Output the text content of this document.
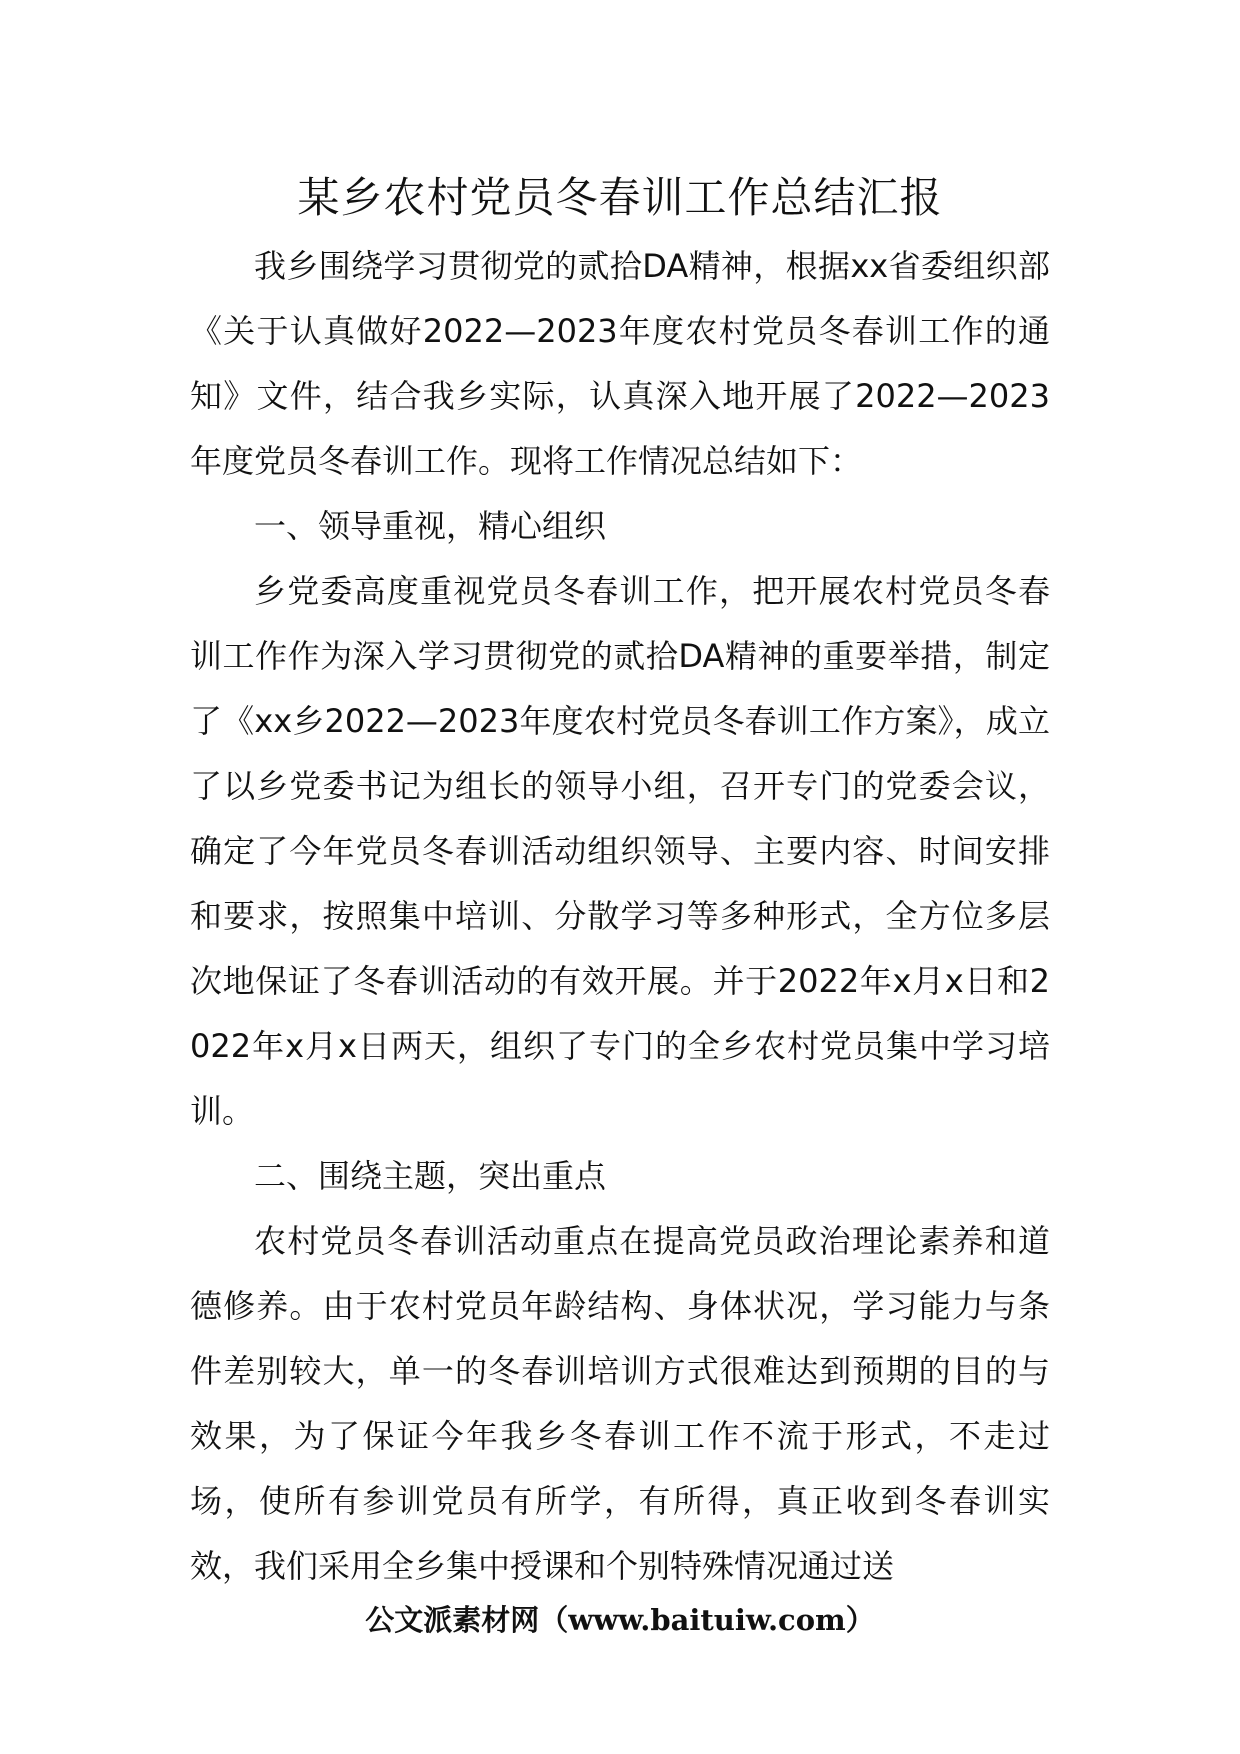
某乡农村党员冬春训工作总结汇报

我乡围绕学习贯彻党的贰拾DA精神，根据xx省委组织部《关于认真做好2022—2023年度农村党员冬春训工作的通知》文件，结合我乡实际，认真深入地开展了2022—2023年度党员冬春训工作。现将工作情况总结如下：

一、领导重视，精心组织

乡党委高度重视党员冬春训工作，把开展农村党员冬春训工作作为深入学习贯彻党的贰拾DA精神的重要举措，制定了《xx乡2022—2023年度农村党员冬春训工作方案》，成立了以乡党委书记为组长的领导小组，召开专门的党委会议，确定了今年党员冬春训活动组织领导、主要内容、时间安排和要求，按照集中培训、分散学习等多种形式，全方位多层次地保证了冬春训活动的有效开展。并于2022年x月x日和2022年x月x日两天，组织了专门的全乡农村党员集中学习培训。

二、围绕主题，突出重点

农村党员冬春训活动重点在提高党员政治理论素养和道德修养。由于农村党员年龄结构、身体状况，学习能力与条件差别较大，单一的冬春训培训方式很难达到预期的目的与效果，为了保证今年我乡冬春训工作不流于形式，不走过场，使所有参训党员有所学，有所得，真正收到冬春训实效，我们采用全乡集中授课和个别特殊情况通过送

公文派素材网（www.baituiw.com）
